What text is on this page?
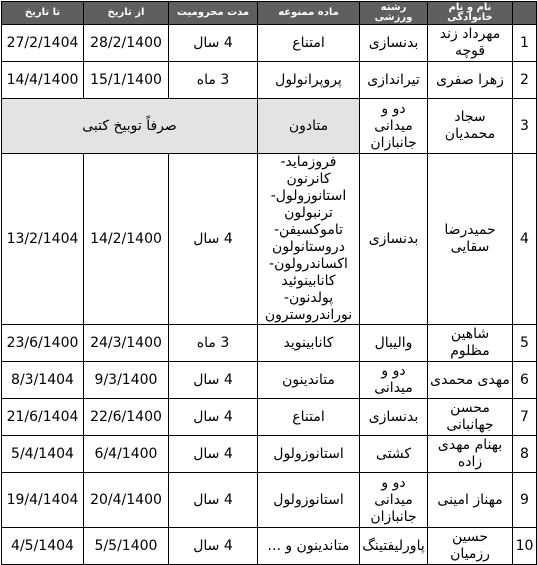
	نام و نام خانوادگی	رشته ورزشی	ماده ممنوعه	مدت محرومیت	از تاریخ	تا تاریخ
1	مهرداد زند قوچه	بدنسازی	امتناع	4 سال	28/2/1400	27/2/1404
2	زهرا صفری	تیراندازی	پروپرانولول	3 ماه	15/1/1400	14/4/1400
3	سجاد محمدیان	دو و میدانی جانبازان	متادون	صرفاً توبیخ کتبی		
4	حمیدرضا سقایی	بدنسازی	فروزماید-کانرنون استانوزولول-ترنبولون تاموکسیفن-دروستانولون اکساندرولون-کانابینوئید پولدنون-نوراندروسترون	4 سال	14/2/1400	13/2/1404
5	شاهین مظلوم	والیبال	کانابینوید	3 ماه	24/3/1400	23/6/1400
6	مهدی محمدی	دو و میدانی	متاندینون	4 سال	9/3/1400	8/3/1404
7	محسن جهانبانی	بدنسازی	امتناع	4 سال	22/6/1400	21/6/1404
8	بهنام مهدی زاده	کشتی	استانوزولول	4 سال	6/4/1400	5/4/1404
9	مهناز امینی	دو و میدانی جانبازان	استانوزولول	4 سال	20/4/1400	19/4/1404
10	حسین رزمیان	پاورلیفتینگ	متاندینون و ...	4 سال	5/5/1400	4/5/1404
